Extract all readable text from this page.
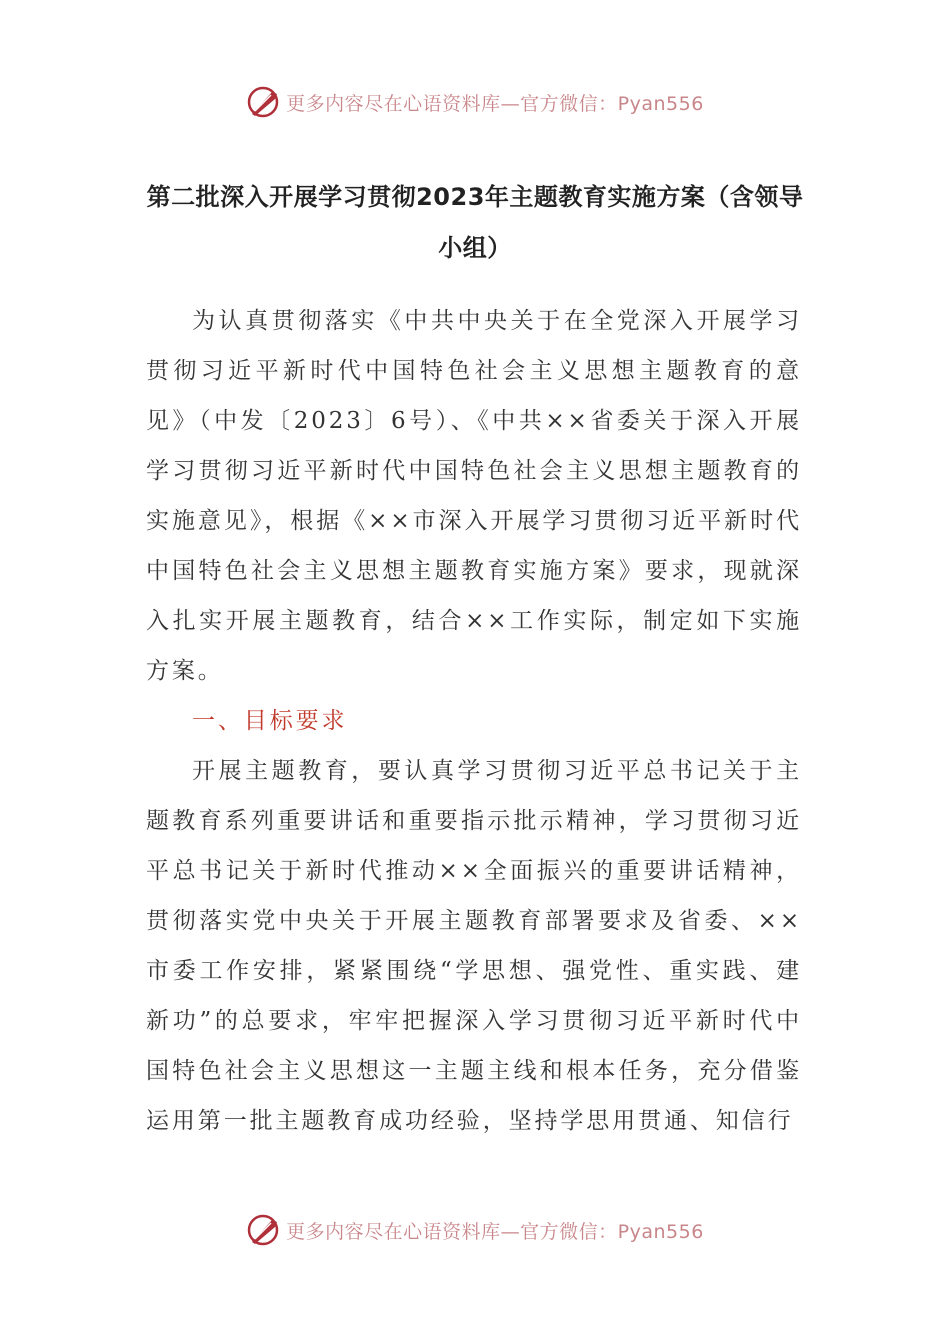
更多内容尽在心语资料库—官方微信：Pyan556
第二批深入开展学习贯彻2023年主题教育实施方案（含领导小组）

为认真贯彻落实《中共中央关于在全党深入开展学习贯彻习近平新时代中国特色社会主义思想主题教育的意见》（中发〔2023〕6号）、《中共××省委关于深入开展学习贯彻习近平新时代中国特色社会主义思想主题教育的实施意见》，根据《××市深入开展学习贯彻习近平新时代中国特色社会主义思想主题教育实施方案》要求，现就深入扎实开展主题教育，结合××工作实际，制定如下实施方案。

一、目标要求

开展主题教育，要认真学习贯彻习近平总书记关于主题教育系列重要讲话和重要指示批示精神，学习贯彻习近平总书记关于新时代推动××全面振兴的重要讲话精神，贯彻落实党中央关于开展主题教育部署要求及省委、××市委工作安排，紧紧围绕“学思想、强党性、重实践、建新功”的总要求，牢牢把握深入学习贯彻习近平新时代中国特色社会主义思想这一主题主线和根本任务，充分借鉴运用第一批主题教育成功经验，坚持学思用贯通、知信行

更多内容尽在心语资料库—官方微信：Pyan556
